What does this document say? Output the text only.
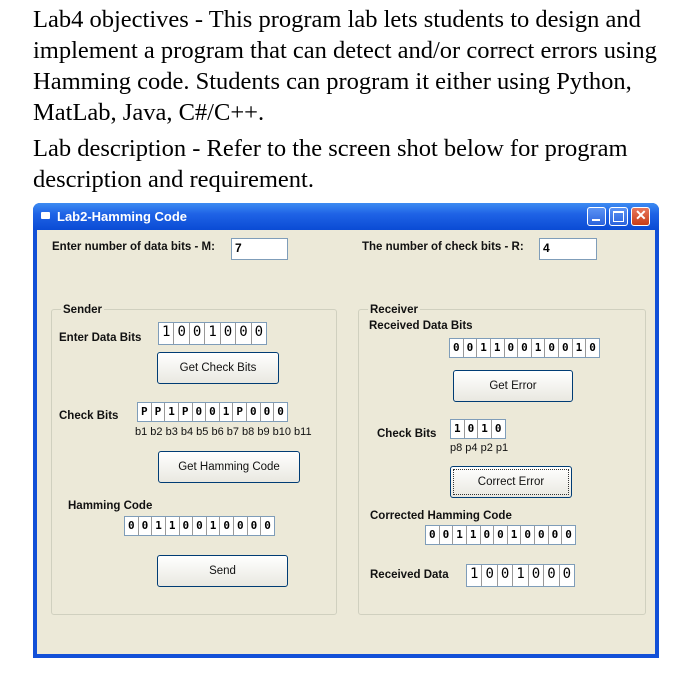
Lab4 objectives - This program lab lets students to design and implement a program that can detect and/or correct errors using Hamming code. Students can program it either using Python, MatLab, Java, C#/C++.
Lab description - Refer to the screen shot below for program description and requirement.
Lab2-Hamming Code	✕
Enter number of data bits - M:	7	The number of check bits - R:	4
Sender
Enter Data Bits 1 0 0 1 0 0 0
Get Check Bits
Check Bits P P 1 P 0 0 1 P 0 0 0
b1 b2 b3 b4 b5 b6 b7 b8 b9 b10 b11
Get Hamming Code
Hamming Code
0 0 1 1 0 0 1 0 0 0 0
Send
Receiver
Received Data Bits
0 0 1 1 0 0 1 0 0 1 0
Get Error
Check Bits 1 0 1 0
p8 p4 p2 p1
Correct Error
Corrected Hamming Code
0 0 1 1 0 0 1 0 0 0 0
Received Data 1 0 0 1 0 0 0
